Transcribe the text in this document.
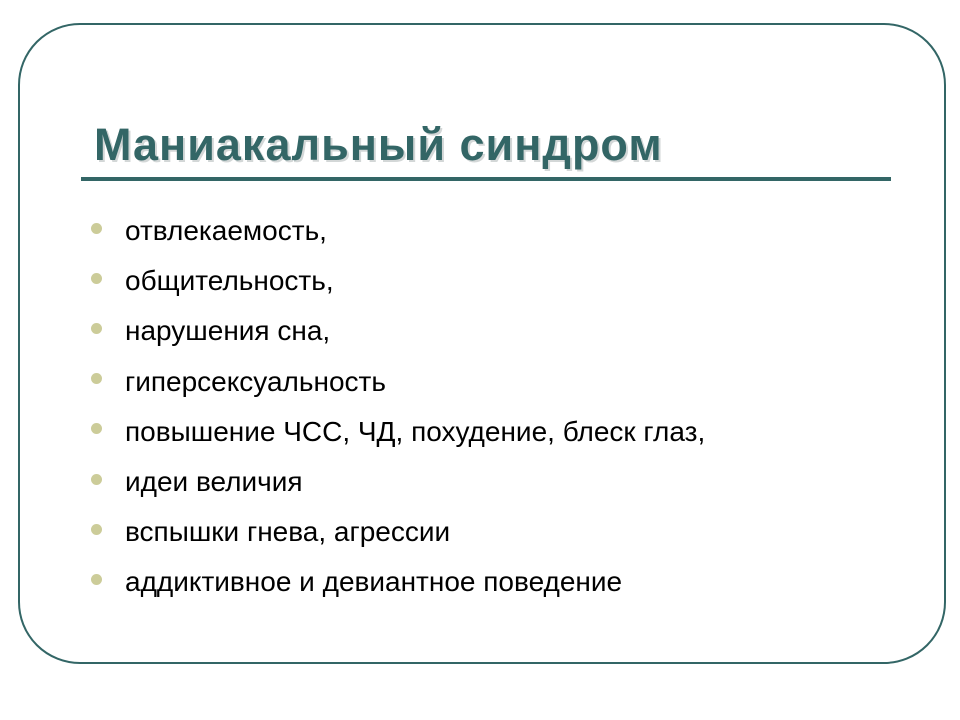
Маниакальный синдром
отвлекаемость,
общительность,
нарушения сна,
гиперсексуальность
повышение ЧСС, ЧД, похудение, блеск глаз,
идеи величия
вспышки гнева, агрессии
аддиктивное и девиантное поведение
